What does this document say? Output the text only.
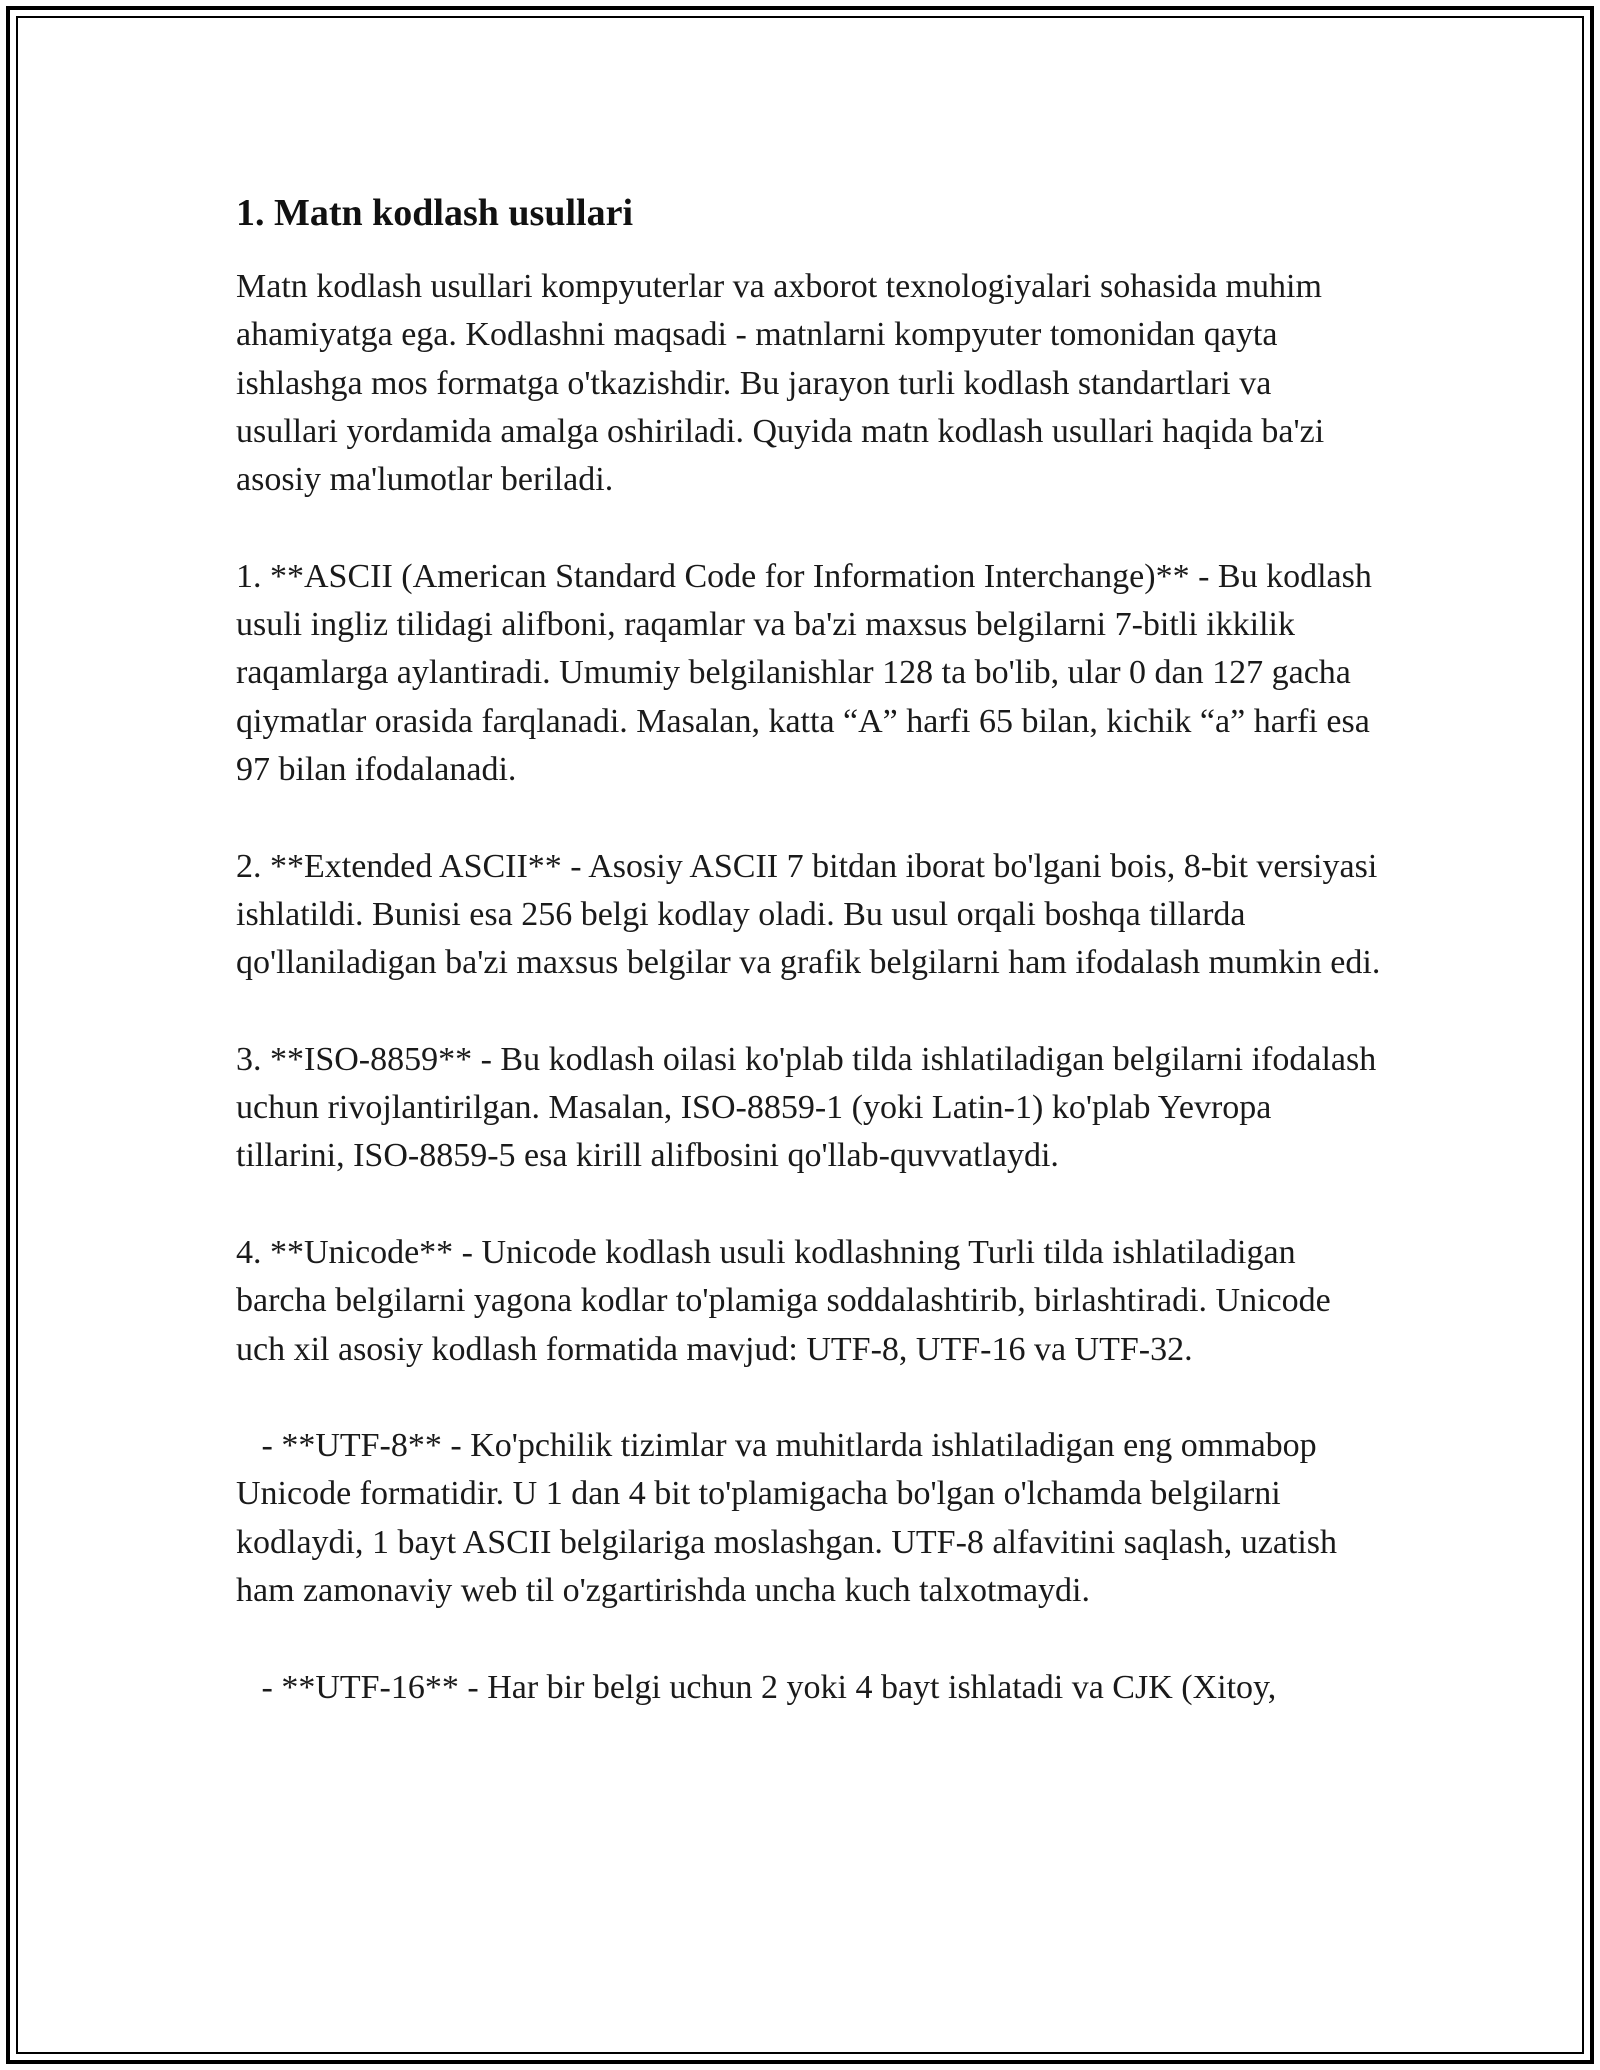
1. Matn kodlash usullari

Matn kodlash usullari kompyuterlar va axborot texnologiyalari sohasida muhim ahamiyatga ega. Kodlashni maqsadi - matnlarni kompyuter tomonidan qayta ishlashga mos formatga o'tkazishdir. Bu jarayon turli kodlash standartlari va usullari yordamida amalga oshiriladi. Quyida matn kodlash usullari haqida ba'zi asosiy ma'lumotlar beriladi.

1. **ASCII (American Standard Code for Information Interchange)** - Bu kodlash usuli ingliz tilidagi alifboni, raqamlar va ba'zi maxsus belgilarni 7-bitli ikkilik raqamlarga aylantiradi. Umumiy belgilanishlar 128 ta bo'lib, ular 0 dan 127 gacha qiymatlar orasida farqlanadi. Masalan, katta “A” harfi 65 bilan, kichik “a” harfi esa 97 bilan ifodalanadi.

2. **Extended ASCII** - Asosiy ASCII 7 bitdan iborat bo'lgani bois, 8-bit versiyasi ishlatildi. Bunisi esa 256 belgi kodlay oladi. Bu usul orqali boshqa tillarda qo'llaniladigan ba'zi maxsus belgilar va grafik belgilarni ham ifodalash mumkin edi.

3. **ISO-8859** - Bu kodlash oilasi ko'plab tilda ishlatiladigan belgilarni ifodalash uchun rivojlantirilgan. Masalan, ISO-8859-1 (yoki Latin-1) ko'plab Yevropa tillarini, ISO-8859-5 esa kirill alifbosini qo'llab-quvvatlaydi.

4. **Unicode** - Unicode kodlash usuli kodlashning Turli tilda ishlatiladigan barcha belgilarni yagona kodlar to'plamiga soddalashtirib, birlashtiradi. Unicode uch xil asosiy kodlash formatida mavjud: UTF-8, UTF-16 va UTF-32.

- **UTF-8** - Ko'pchilik tizimlar va muhitlarda ishlatiladigan eng ommabop Unicode formatidir. U 1 dan 4 bit to'plamigacha bo'lgan o'lchamda belgilarni kodlaydi, 1 bayt ASCII belgilariga moslashgan. UTF-8 alfavitini saqlash, uzatish ham zamonaviy web til o'zgartirishda uncha kuch talxotmaydi.

- **UTF-16** - Har bir belgi uchun 2 yoki 4 bayt ishlatadi va CJK (Xitoy,
